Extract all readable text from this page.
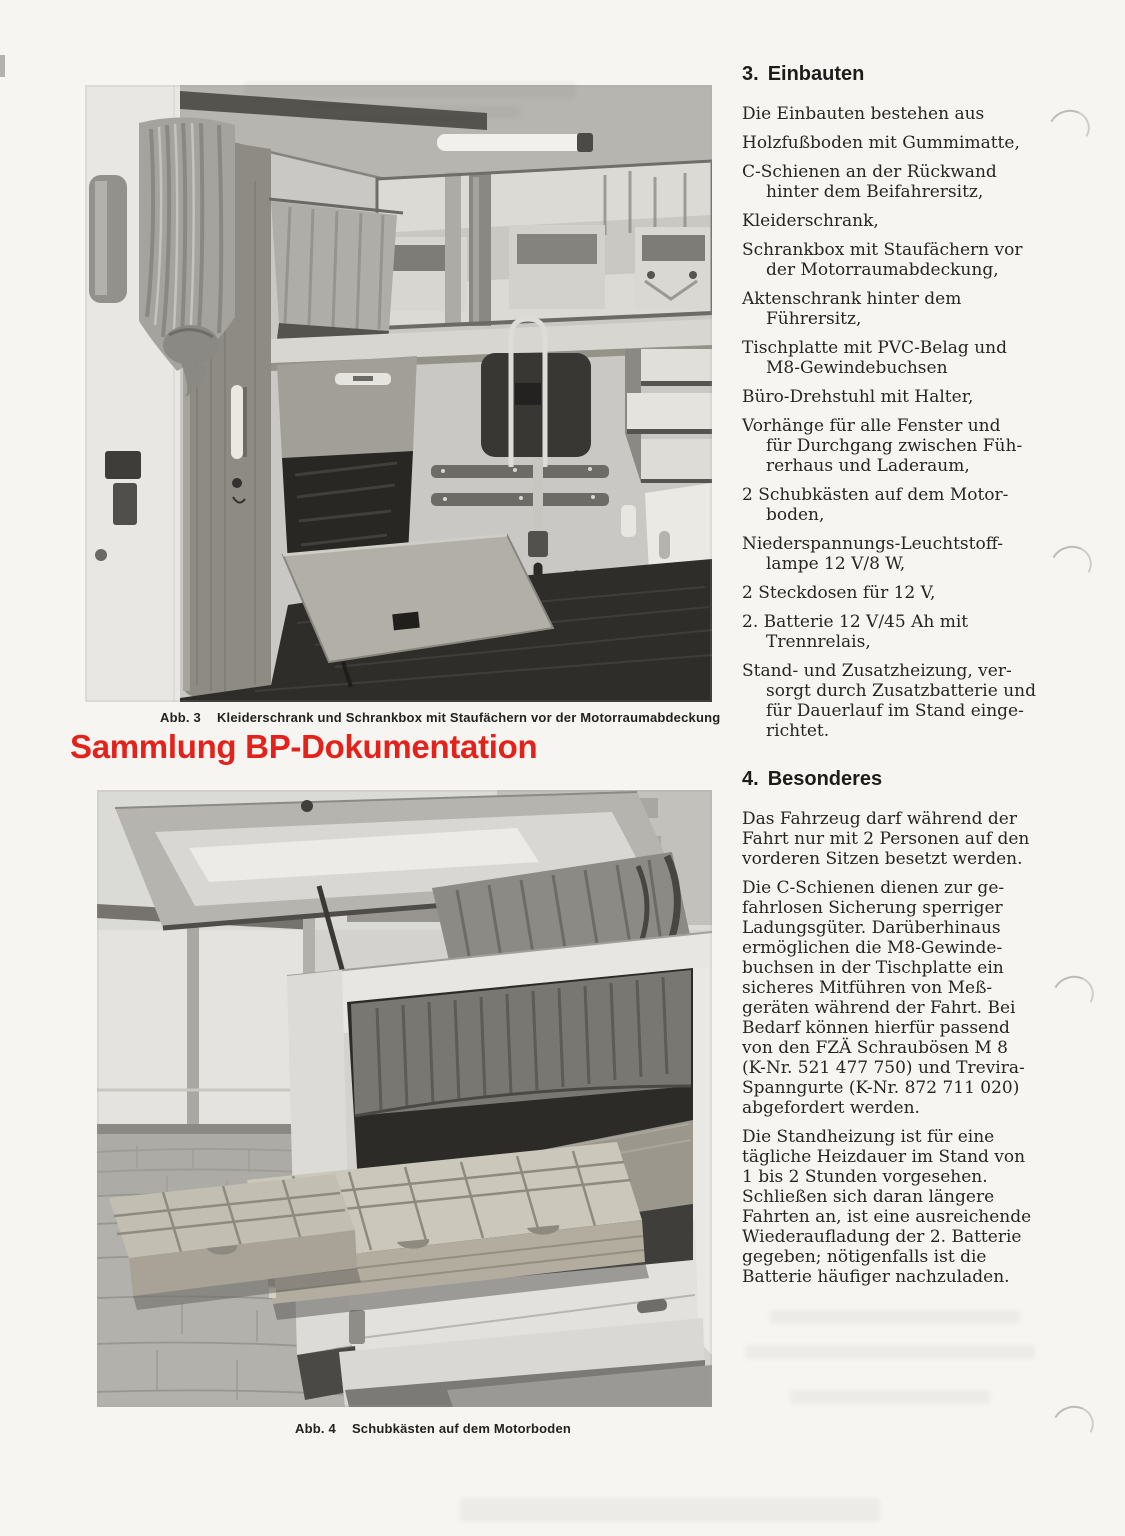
Abb. 3 Kleiderschrank und Schrankbox mit Staufächern vor der Motorraumabdeckung
Sammlung BP-Dokumentation
Abb. 4 Schubkästen auf dem Motorboden
3. Einbauten
Die Einbauten bestehen aus
Holzfußboden mit Gummimatte,
C-Schienen an der Rückwand
hinter dem Beifahrersitz,
Kleiderschrank,
Schrankbox mit Staufächern vor
der Motorraumabdeckung,
Aktenschrank hinter dem
Führersitz,
Tischplatte mit PVC-Belag und
M8-Gewindebuchsen
Büro-Drehstuhl mit Halter,
Vorhänge für alle Fenster und
für Durchgang zwischen Füh-
rerhaus und Laderaum,
2 Schubkästen auf dem Motor-
boden,
Niederspannungs-Leuchtstoff-
lampe 12 V/8 W,
2 Steckdosen für 12 V,
2. Batterie 12 V/45 Ah mit
Trennrelais,
Stand- und Zusatzheizung, ver-
sorgt durch Zusatzbatterie und
für Dauerlauf im Stand einge-
richtet.
4. Besonderes
Das Fahrzeug darf während der
Fahrt nur mit 2 Personen auf den
vorderen Sitzen besetzt werden.
Die C-Schienen dienen zur ge-
fahrlosen Sicherung sperriger
Ladungsgüter. Darüberhinaus
ermöglichen die M8-Gewinde-
buchsen in der Tischplatte ein
sicheres Mitführen von Meß-
geräten während der Fahrt. Bei
Bedarf können hierfür passend
von den FZÄ Schraubösen M 8
(K-Nr. 521 477 750) und Trevira-
Spanngurte (K-Nr. 872 711 020)
abgefordert werden.
Die Standheizung ist für eine
tägliche Heizdauer im Stand von
1 bis 2 Stunden vorgesehen.
Schließen sich daran längere
Fahrten an, ist eine ausreichende
Wiederaufladung der 2. Batterie
gegeben; nötigenfalls ist die
Batterie häufiger nachzuladen.
